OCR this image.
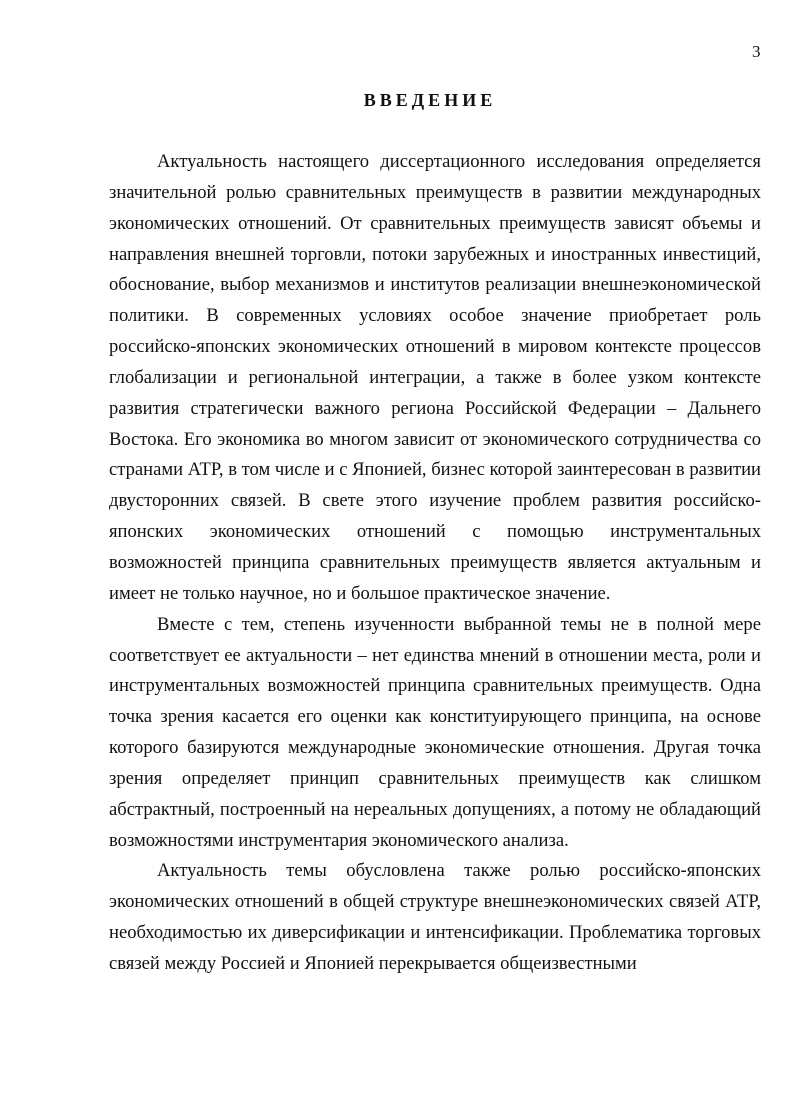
3
ВВЕДЕНИЕ

Актуальность настоящего диссертационного исследования определяется значительной ролью сравнительных преимуществ в развитии международных экономических отношений. От сравнительных преимуществ зависят объемы и направления внешней торговли, потоки зарубежных и иностранных инвестиций, обоснование, выбор механизмов и институтов реализации внешнеэкономической политики. В современных условиях особое значение приобретает роль российско-японских экономических отношений в мировом контексте процессов глобализации и региональной интеграции, а также в более узком контексте развития стратегически важного региона Российской Федерации – Дальнего Востока. Его экономика во многом зависит от экономического сотрудничества со странами АТР, в том числе и с Японией, бизнес которой заинтересован в развитии двусторонних связей. В свете этого изучение проблем развития российско-японских экономических отношений с помощью инструментальных возможностей принципа сравнительных преимуществ является актуальным и имеет не только научное, но и большое практическое значение.

Вместе с тем, степень изученности выбранной темы не в полной мере соответствует ее актуальности – нет единства мнений в отношении места, роли и инструментальных возможностей принципа сравнительных преимуществ. Одна точка зрения касается его оценки как конституирующего принципа, на основе которого базируются международные экономические отношения. Другая точка зрения определяет принцип сравнительных преимуществ как слишком абстрактный, построенный на нереальных допущениях, а потому не обладающий возможностями инструментария экономического анализа.

Актуальность темы обусловлена также ролью российско-японских экономических отношений в общей структуре внешнеэкономических связей АТР, необходимостью их диверсификации и интенсификации. Проблематика торговых связей между Россией и Японией перекрывается общеизвестными
